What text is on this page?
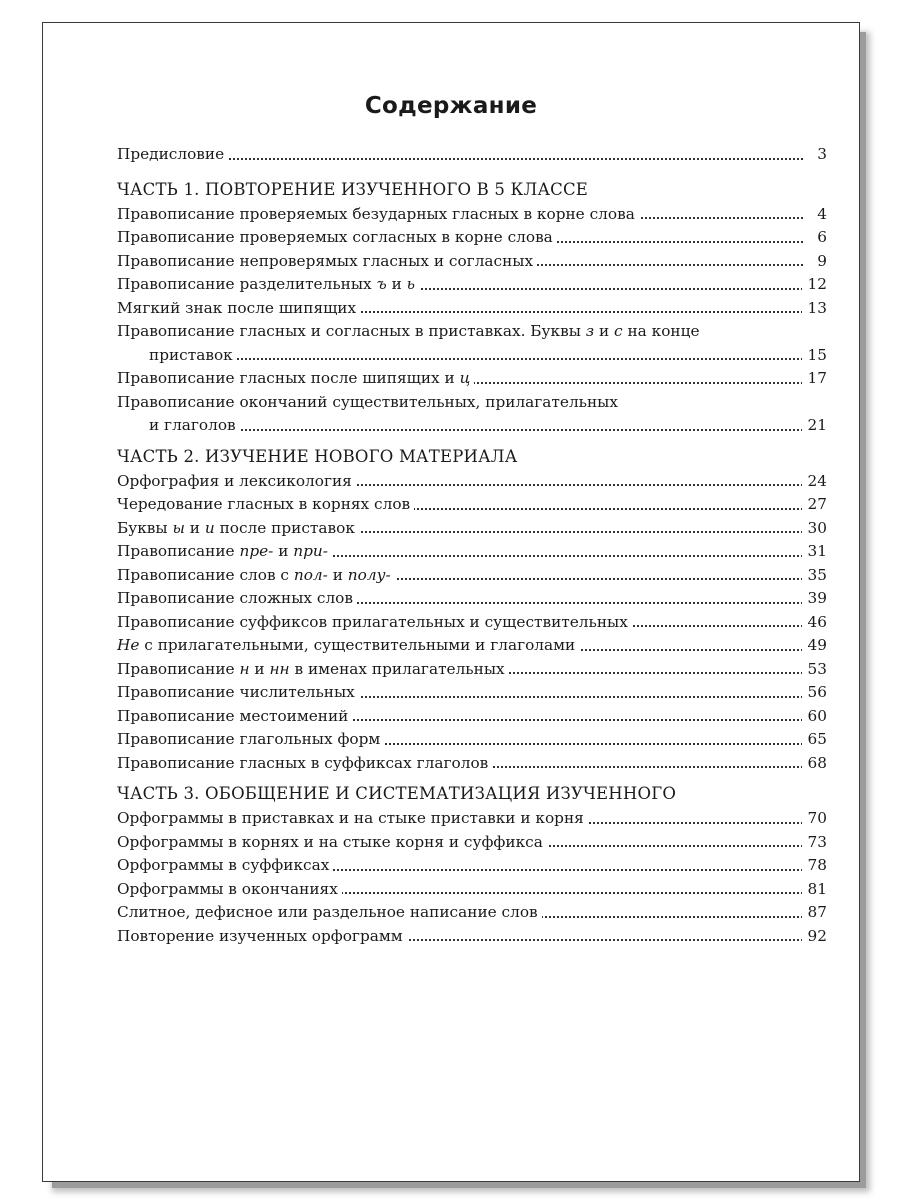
Содержание
Предисловие	3
ЧАСТЬ 1. ПОВТОРЕНИЕ ИЗУЧЕННОГО В 5 КЛАССЕ
Правописание проверяемых безударных гласных в корне слова	4
Правописание проверяемых согласных в корне слова	6
Правописание непроверямых гласных и согласных	9
Правописание разделительных ъ и ь	12
Мягкий знак после шипящих	13
Правописание гласных и согласных в приставках. Буквы з и с на конце
приставок	15
Правописание гласных после шипящих и ц	17
Правописание окончаний существительных, прилагательных
и глаголов	21
ЧАСТЬ 2. ИЗУЧЕНИЕ НОВОГО МАТЕРИАЛА
Орфография и лексикология	24
Чередование гласных в корнях слов	27
Буквы ы и и после приставок	30
Правописание пре- и при-	31
Правописание слов с пол- и полу-	35
Правописание сложных слов	39
Правописание суффиксов прилагательных и существительных	46
Не с прилагательными, существительными и глаголами	49
Правописание н и нн в именах прилагательных	53
Правописание числительных	56
Правописание местоимений	60
Правописание глагольных форм	65
Правописание гласных в суффиксах глаголов	68
ЧАСТЬ 3. ОБОБЩЕНИЕ И СИСТЕМАТИЗАЦИЯ ИЗУЧЕННОГО
Орфограммы в приставках и на стыке приставки и корня	70
Орфограммы в корнях и на стыке корня и суффикса	73
Орфограммы в суффиксах	78
Орфограммы в окончаниях	81
Слитное, дефисное или раздельное написание слов	87
Повторение изученных орфограмм	92
